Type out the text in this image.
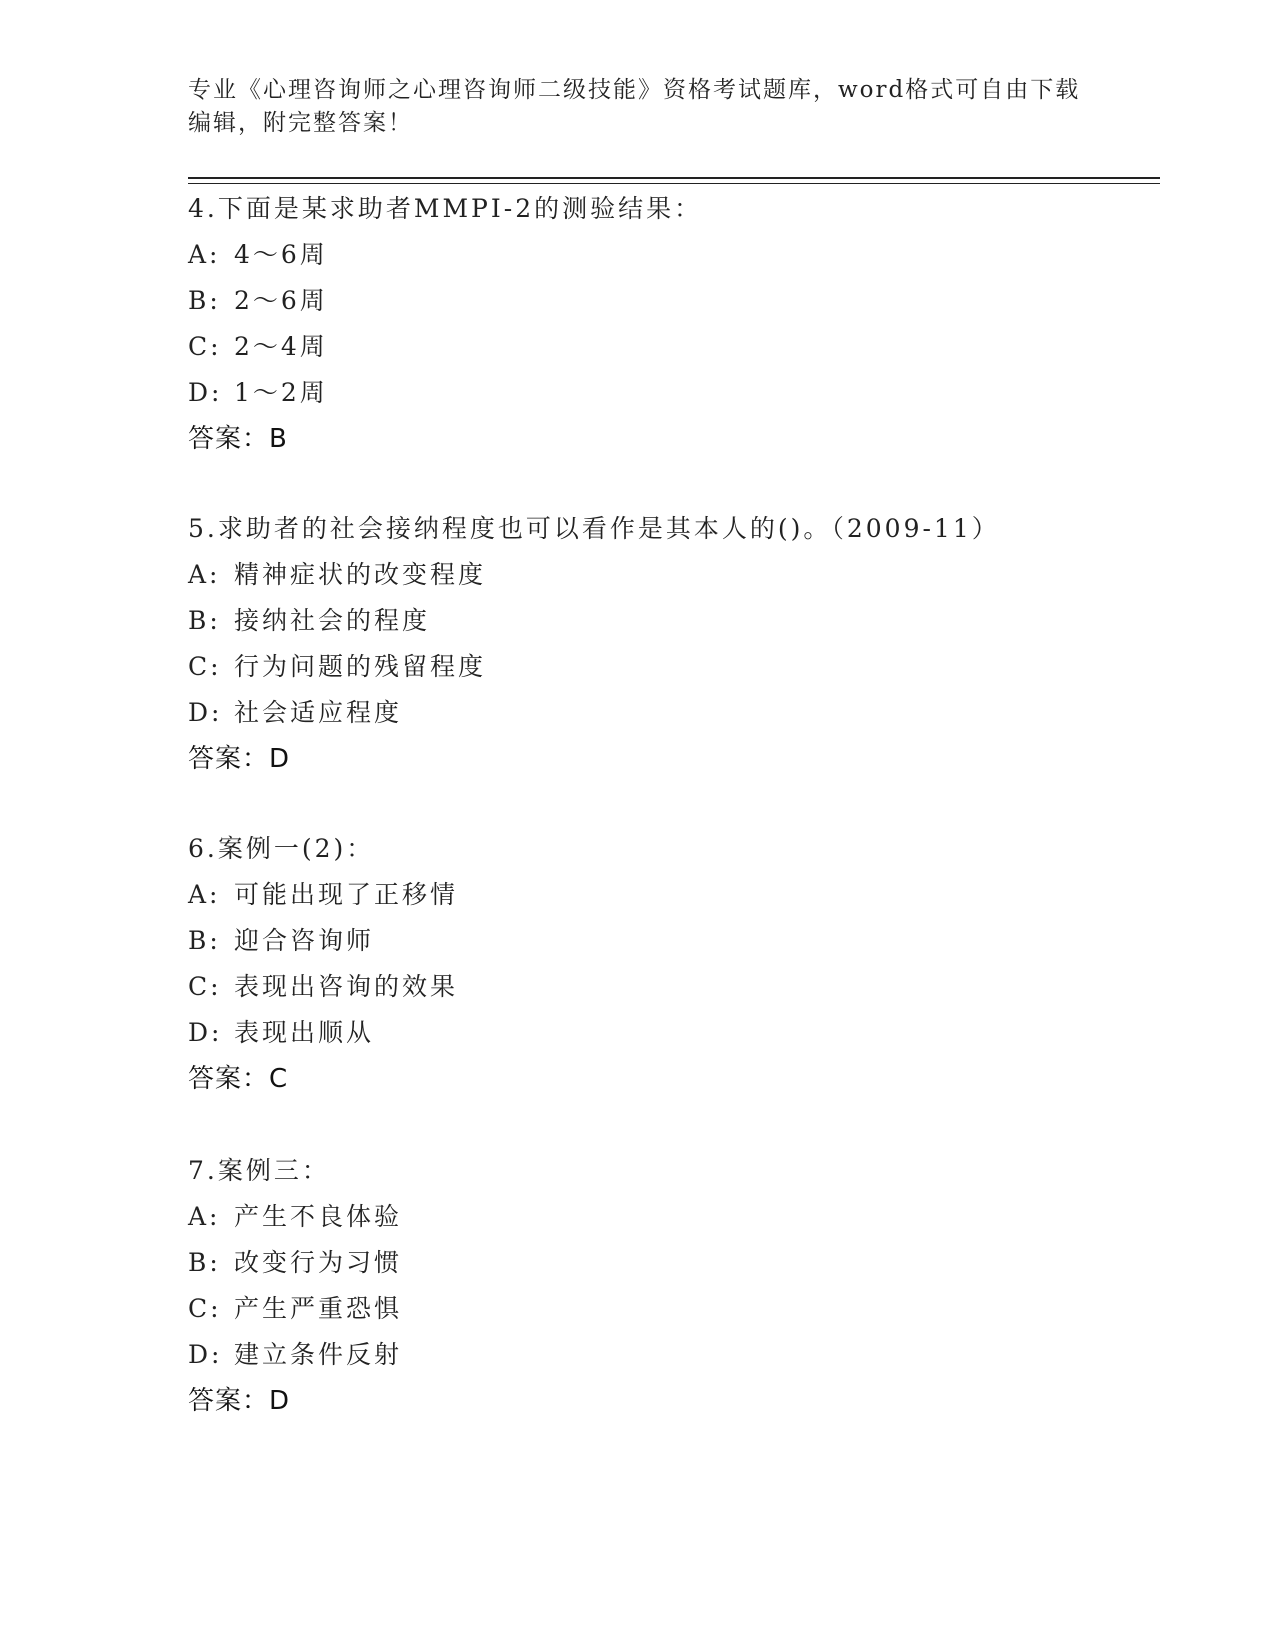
专业《心理咨询师之心理咨询师二级技能》资格考试题库，word格式可自由下载
编辑，附完整答案！
4.下面是某求助者MMPI-2的测验结果：
A: 4～6周
B: 2～6周
C: 2～4周
D: 1～2周
答案：B
5.求助者的社会接纳程度也可以看作是其本人的()。（2009-11）
A: 精神症状的改变程度
B: 接纳社会的程度
C: 行为问题的残留程度
D: 社会适应程度
答案：D
6.案例一(2)：
A: 可能出现了正移情
B: 迎合咨询师
C: 表现出咨询的效果
D: 表现出顺从
答案：C
7.案例三：
A: 产生不良体验
B: 改变行为习惯
C: 产生严重恐惧
D: 建立条件反射
答案：D
